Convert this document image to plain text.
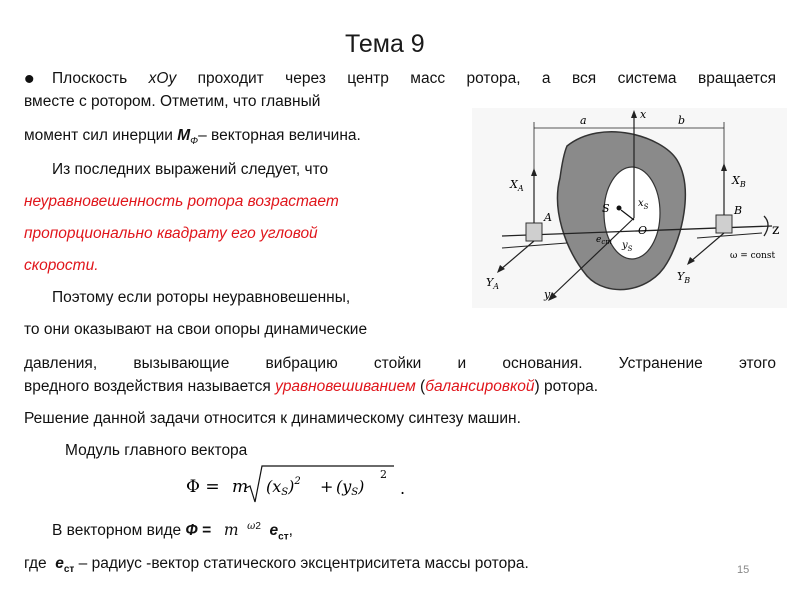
Тема 9
• Плоскость xOy проходит через центр масс ротора, а вся система вращается
вместе с ротором. Отметим, что главный
момент сил инерции $M_Ф-$ векторная величина.
Из последних выражений следует, что
неуравновешенность ротора возрастает
пропорционально квадрату его угловой
скорости.
Поэтому если роторы неуравновешенны,
то они оказывают на свои опоры динамические
давления, вызывающие вибрацию стойки и основания. Устранение этого
вредного воздействия называется уравновешиванием (балансировкой) ротора.
Решение данной задачи относится к динамическому синтезу машин.
Модуль главного вектора
Φ = m (xS)$^2$ + (yS)
2
.
В векторном виде Ф = m $^{\omega 2}$ $e_{ст}$,
где  $e_{ст}$ – радиус -вектор статического эксцентриситета массы ротора.	15
x
y
a	b
A
B
$X_A$
$X_B$
$Y_A$
$Y_B$
S
O
$x_S$
$y_S$
$e_{ст}$
z
ω = const
